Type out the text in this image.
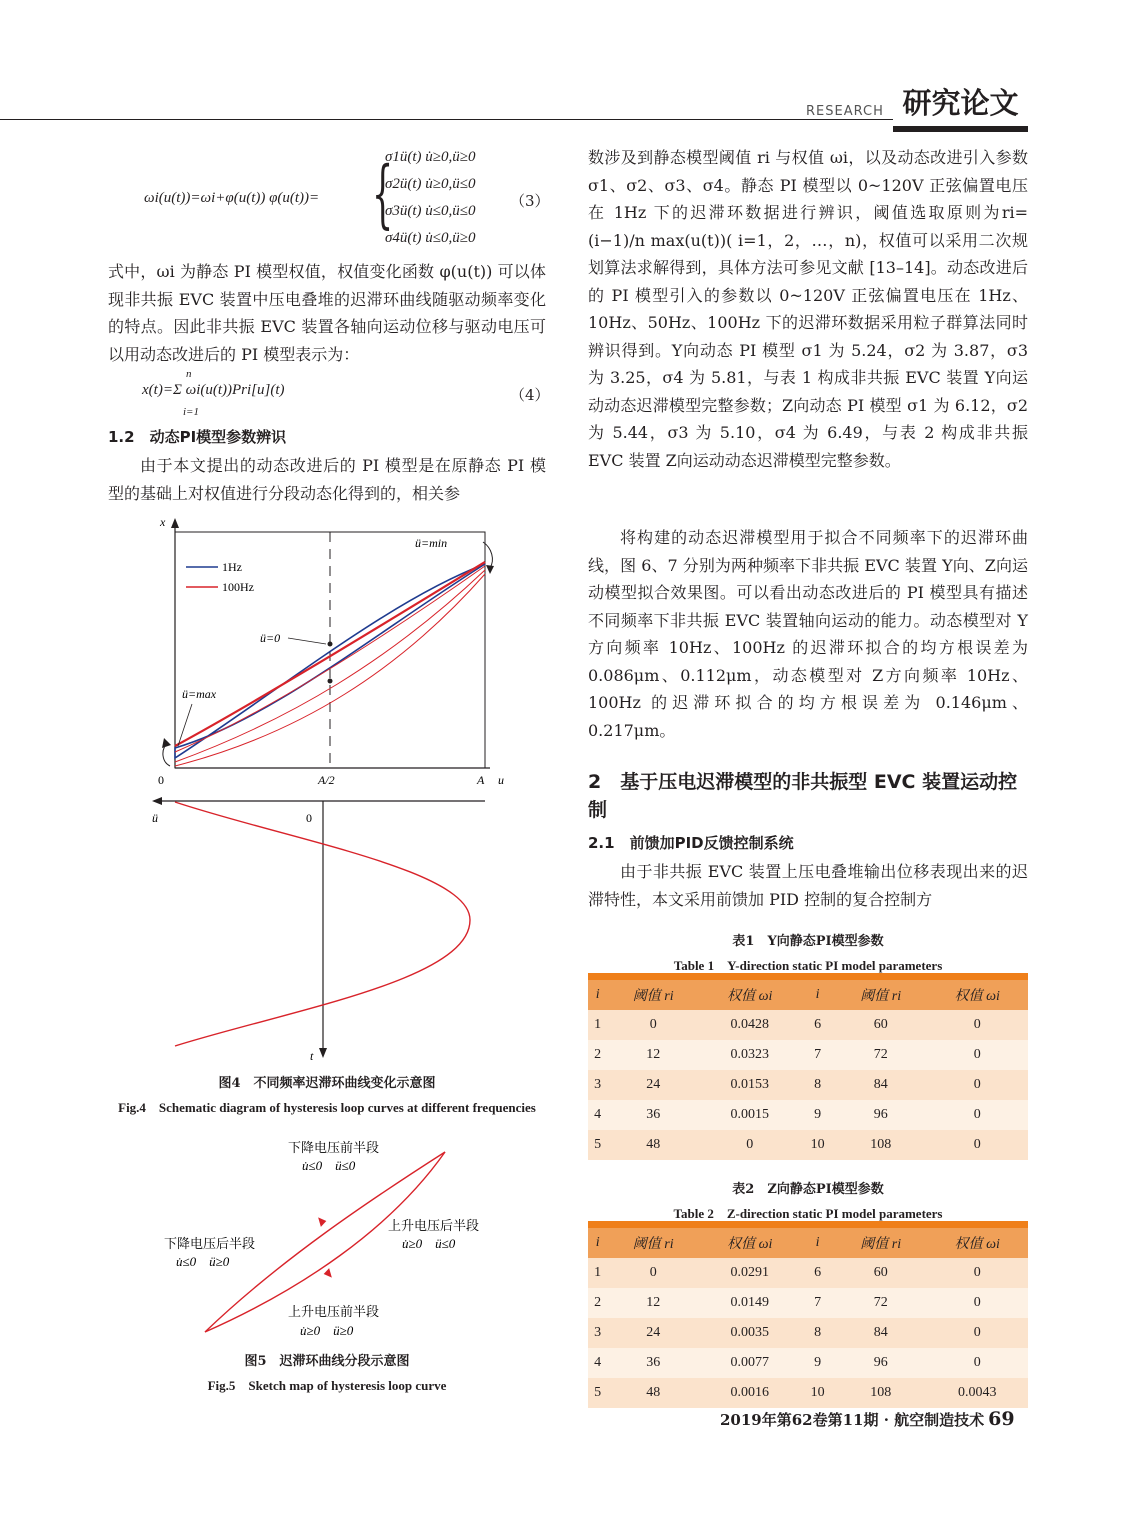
RESEARCH 研究论文
ωi(u(t))=ωi+φ(u(t)) φ(u(t))= {
σ1ü(t) u̇≥0,ü≥0
σ2ü(t) u̇≥0,ü≤0
σ3ü(t) u̇≤0,ü≤0
σ4ü(t) u̇≤0,ü≥0
（3）

式中，ωi 为静态 PI 模型权值，权值变化函数 φ(u(t)) 可以体现非共振 EVC 装置中压电叠堆的迟滞环曲线随驱动频率变化的特点。因此非共振 EVC 装置各轴向运动位移与驱动电压可以用动态改进后的 PI 模型表示为：

n
x(t)=Σ ωi(u(t))Pri[u](t)
i=1
（4）
1.2　动态PI模型参数辨识

由于本文提出的动态改进后的 PI 模型是在原静态 PI 模型的基础上对权值进行分段动态化得到的，相关参

x
0	A/2	A u
1Hz
100Hz
ü=min
ü=0
ü=max
ü	0
t
图4　不同频率迟滞环曲线变化示意图
Fig.4　Schematic diagram of hysteresis loop curves at different frequencies
下降电压前半段
u̇≤0　ü≤0
下降电压后半段
u̇≤0　ü≥0
上升电压后半段
u̇≥0　ü≤0
上升电压前半段
u̇≥0　ü≥0
图5　迟滞环曲线分段示意图
Fig.5　Sketch map of hysteresis loop curve

数涉及到静态模型阈值 ri 与权值 ωi，以及动态改进引入参数 σ1、σ2、σ3、σ4。静态 PI 模型以 0~120V 正弦偏置电压在 1Hz 下的迟滞环数据进行辨识，阈值选取原则为ri=(i−1)/n max(u(t))( i=1，2，…，n)，权值可以采用二次规划算法求解得到，具体方法可参见文献 [13–14]。动态改进后的 PI 模型引入的参数以 0~120V 正弦偏置电压在 1Hz、10Hz、50Hz、100Hz 下的迟滞环数据采用粒子群算法同时辨识得到。Y向动态 PI 模型 σ1 为 5.24，σ2 为 3.87，σ3 为 3.25，σ4 为 5.81，与表 1 构成非共振 EVC 装置 Y向运动动态迟滞模型完整参数；Z向动态 PI 模型 σ1 为 6.12，σ2 为 5.44，σ3 为 5.10，σ4 为 6.49，与表 2 构成非共振 EVC 装置 Z向运动动态迟滞模型完整参数。

将构建的动态迟滞模型用于拟合不同频率下的迟滞环曲线，图 6、7 分别为两种频率下非共振 EVC 装置 Y向、Z向运动模型拟合效果图。可以看出动态改进后的 PI 模型具有描述不同频率下非共振 EVC 装置轴向运动的能力。动态模型对 Y方向频率 10Hz、100Hz 的迟滞环拟合的均方根误差为 0.086μm、0.112μm，动态模型对 Z方向频率 10Hz、100Hz 的迟滞环拟合的均方根误差为 0.146μm、0.217μm。

2　基于压电迟滞模型的非共振型 EVC 装置运动控制
2.1　前馈加PID反馈控制系统

由于非共振 EVC 装置上压电叠堆输出位移表现出来的迟滞特性，本文采用前馈加 PID 控制的复合控制方

表1　Y向静态PI模型参数
Table 1　Y-direction static PI model parameters
i	阈值 ri	权值 ωi	i	阈值 ri	权值 ωi
1	0	0.0428	6	60	0
2	12	0.0323	7	72	0
3	24	0.0153	8	84	0
4	36	0.0015	9	96	0
5	48	0	10	108	0
表2　Z向静态PI模型参数
Table 2　Z-direction static PI model parameters
i	阈值 ri	权值 ωi	i	阈值 ri	权值 ωi
1	0	0.0291	6	60	0
2	12	0.0149	7	72	0
3	24	0.0035	8	84	0
4	36	0.0077	9	96	0
5	48	0.0016	10	108	0.0043
2019年第62卷第11期 · 航空制造技术 69
